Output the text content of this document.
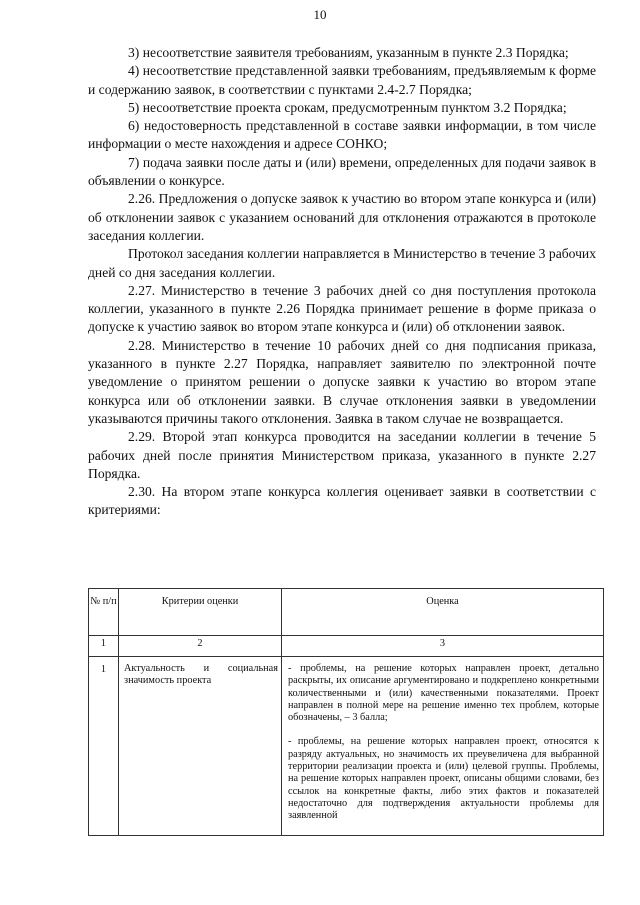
10

3) несоответствие заявителя требованиям, указанным в пункте 2.3 Порядка;

4) несоответствие представленной заявки требованиям, предъявляемым к форме и содержанию заявок, в соответствии с пунктами 2.4-2.7 Порядка;

5) несоответствие проекта срокам, предусмотренным пунктом 3.2 Порядка;

6) недостоверность представленной в составе заявки информации, в том числе информации о месте нахождения и адресе СОНКО;

7) подача заявки после даты и (или) времени, определенных для подачи заявок в объявлении о конкурсе.

2.26. Предложения о допуске заявок к участию во втором этапе конкурса и (или) об отклонении заявок с указанием оснований для отклонения отражаются в протоколе заседания коллегии.

Протокол заседания коллегии направляется в Министерство в течение 3 рабочих дней со дня заседания коллегии.

2.27. Министерство в течение 3 рабочих дней со дня поступления протокола коллегии, указанного в пункте 2.26 Порядка принимает решение в форме приказа о допуске к участию заявок во втором этапе конкурса и (или) об отклонении заявок.

2.28. Министерство в течение 10 рабочих дней со дня подписания приказа, указанного в пункте 2.27 Порядка, направляет заявителю по электронной почте уведомление о принятом решении о допуске заявки к участию во втором этапе конкурса или об отклонении заявки. В случае отклонения заявки в уведомлении указываются причины такого отклонения. Заявка в таком случае не возвращается.

2.29. Второй этап конкурса проводится на заседании коллегии в течение 5 рабочих дней после принятия Министерством приказа, указанного в пункте 2.27 Порядка.

2.30. На втором этапе конкурса коллегия оценивает заявки в соответствии с критериями:

№ п/п	Критерии оценки	Оценка
1	2	3
1	Актуальность и социальная значимость проекта	- проблемы, на решение которых направлен проект, детально раскрыты, их описание аргументировано и подкреплено конкретными количественными и (или) качественными показателями. Проект направлен в полной мере на решение именно тех проблем, которые обозначены, – 3 балла;

- проблемы, на решение которых направлен проект, относятся к разряду актуальных, но значимость их преувеличена для выбранной территории реализации проекта и (или) целевой группы. Проблемы, на решение которых направлен проект, описаны общими словами, без ссылок на конкретные факты, либо этих фактов и показателей недостаточно для подтверждения актуальности проблемы для заявленной
